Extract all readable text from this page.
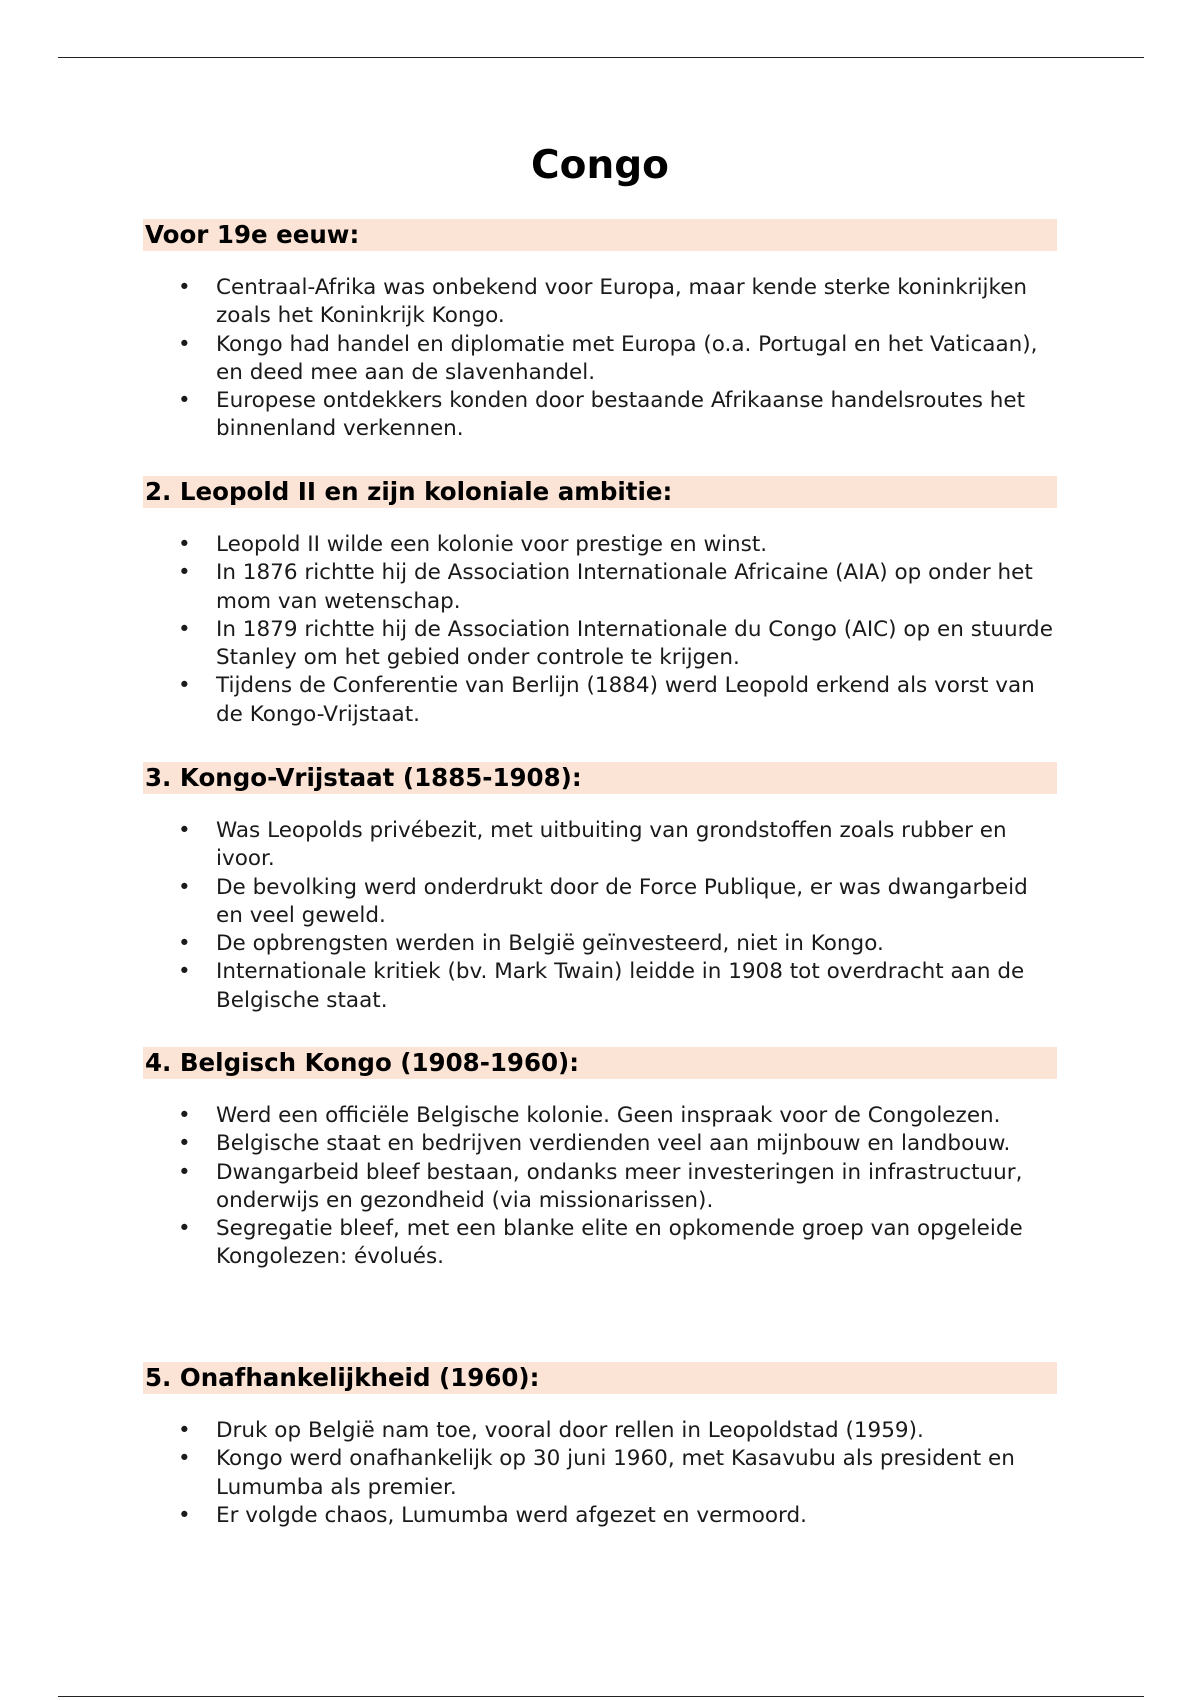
Congo
Voor 19e eeuw:
• Centraal-Afrika was onbekend voor Europa, maar kende sterke koninkrijken zoals het Koninkrijk Kongo.
• Kongo had handel en diplomatie met Europa (o.a. Portugal en het Vaticaan), en deed mee aan de slavenhandel.
• Europese ontdekkers konden door bestaande Afrikaanse handelsroutes het binnenland verkennen.
2. Leopold II en zijn koloniale ambitie:
• Leopold II wilde een kolonie voor prestige en winst.
• In 1876 richtte hij de Association Internationale Africaine (AIA) op onder het mom van wetenschap.
• In 1879 richtte hij de Association Internationale du Congo (AIC) op en stuurde Stanley om het gebied onder controle te krijgen.
• Tijdens de Conferentie van Berlijn (1884) werd Leopold erkend als vorst van de Kongo-Vrijstaat.
3. Kongo-Vrijstaat (1885-1908):
• Was Leopolds privébezit, met uitbuiting van grondstoffen zoals rubber en ivoor.
• De bevolking werd onderdrukt door de Force Publique, er was dwangarbeid en veel geweld.
• De opbrengsten werden in België geïnvesteerd, niet in Kongo.
• Internationale kritiek (bv. Mark Twain) leidde in 1908 tot overdracht aan de Belgische staat.
4. Belgisch Kongo (1908-1960):
• Werd een officiële Belgische kolonie. Geen inspraak voor de Congolezen.
• Belgische staat en bedrijven verdienden veel aan mijnbouw en landbouw.
• Dwangarbeid bleef bestaan, ondanks meer investeringen in infrastructuur, onderwijs en gezondheid (via missionarissen).
• Segregatie bleef, met een blanke elite en opkomende groep van opgeleide Kongolezen: évolués.
5. Onafhankelijkheid (1960):
• Druk op België nam toe, vooral door rellen in Leopoldstad (1959).
• Kongo werd onafhankelijk op 30 juni 1960, met Kasavubu als president en Lumumba als premier.
• Er volgde chaos, Lumumba werd afgezet en vermoord.
